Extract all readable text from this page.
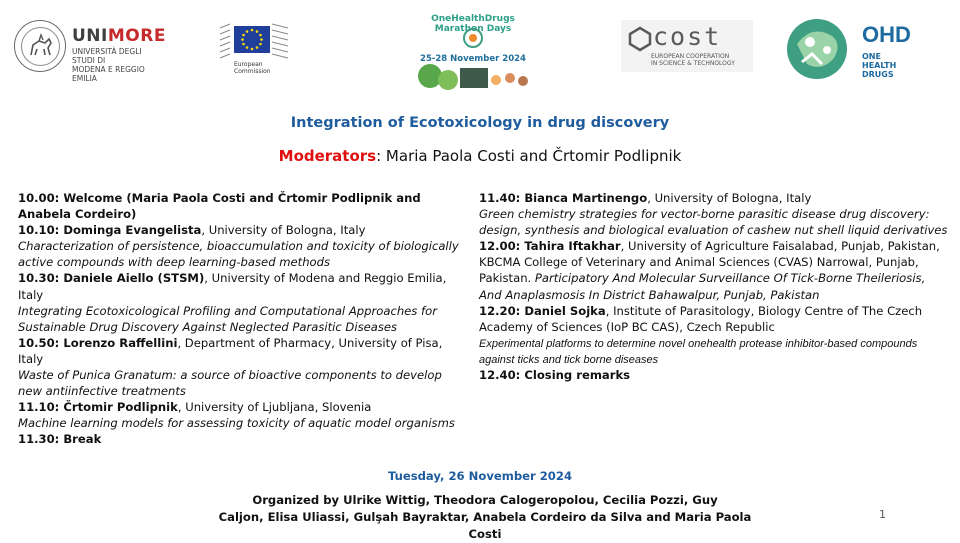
UNIMORE
UNIVERSITÀ DEGLI STUDI DI
MODENA E REGGIO EMILIA
European
Commission
OneHealthDrugs Marathon Days
25-28 November 2024
cost
EUROPEAN COOPERATION
IN SCIENCE & TECHNOLOGY
OHD
ONE
HEALTH
DRUGS
Integration of Ecotoxicology in drug discovery
Moderators: Maria Paola Costi and Črtomir Podlipnik
10.00: Welcome (Maria Paola Costi and Črtomir Podlipnik and Anabela Cordeiro)
10.10: Dominga Evangelista, University of Bologna, Italy
Characterization of persistence, bioaccumulation and toxicity of biologically active compounds with deep learning-based methods
10.30: Daniele Aiello (STSM), University of Modena and Reggio Emilia, Italy
Integrating Ecotoxicological Profiling and Computational Approaches for Sustainable Drug Discovery Against Neglected Parasitic Diseases
10.50: Lorenzo Raffellini, Department of Pharmacy, University of Pisa, Italy
Waste of Punica Granatum: a source of bioactive components to develop new antiinfective treatments
11.10: Črtomir Podlipnik, University of Ljubljana, Slovenia
Machine learning models for assessing toxicity of aquatic model organisms
11.30: Break
11.40: Bianca Martinengo, University of Bologna, Italy
Green chemistry strategies for vector-borne parasitic disease drug discovery: design, synthesis and biological evaluation of cashew nut shell liquid derivatives
12.00: Tahira Iftakhar, University of Agriculture Faisalabad, Punjab, Pakistan, KBCMA College of Veterinary and Animal Sciences (CVAS) Narrowal, Punjab, Pakistan. Participatory And Molecular Surveillance Of Tick-Borne Theileriosis, And Anaplasmosis In District Bahawalpur, Punjab, Pakistan
12.20: Daniel Sojka, Institute of Parasitology, Biology Centre of The Czech Academy of Sciences (IoP BC CAS), Czech Republic
Experimental platforms to determine novel onehealth protease inhibitor-based compounds against ticks and tick borne diseases
12.40: Closing remarks
Tuesday, 26 November 2024
Organized by Ulrike Wittig, Theodora Calogeropolou, Cecilia Pozzi, Guy
Caljon, Elisa Uliassi, Gulşah Bayraktar, Anabela Cordeiro da Silva and Maria Paola Costi
1
